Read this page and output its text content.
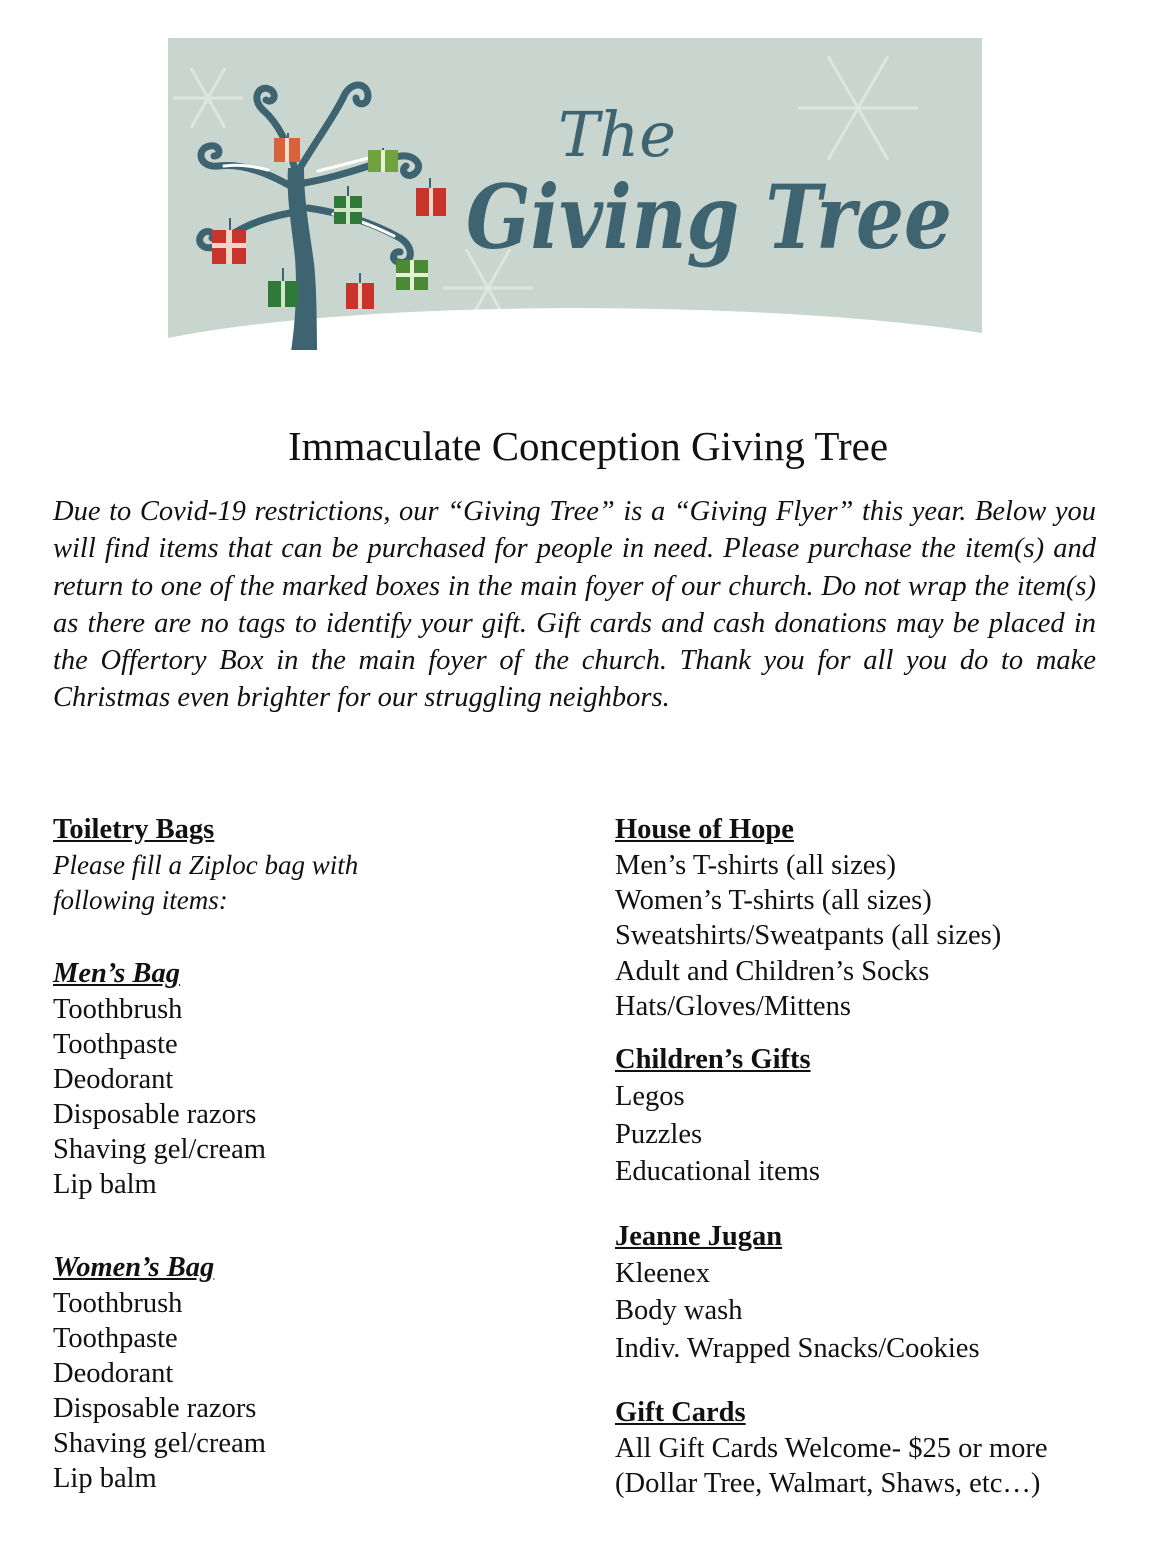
The
Giving Tree
Immaculate Conception Giving Tree

Due to Covid-19 restrictions, our “Giving Tree” is a “Giving Flyer” this year. Below you will find items that can be purchased for people in need. Please purchase the item(s) and return to one of the marked boxes in the main foyer of our church. Do not wrap the item(s) as there are no tags to identify your gift. Gift cards and cash donations may be placed in the Offertory Box in the main foyer of the church. Thank you for all you do to make Christmas even brighter for our struggling neighbors.

Toiletry Bags

Please fill a Ziploc bag with

following items:

Men’s Bag

Toothbrush
Toothpaste
Deodorant
Disposable razors
Shaving gel/cream
Lip balm

Women’s Bag

Toothbrush
Toothpaste
Deodorant
Disposable razors
Shaving gel/cream
Lip balm

House of Hope

Men’s T-shirts (all sizes)
Women’s T-shirts (all sizes)
Sweatshirts/Sweatpants (all sizes)
Adult and Children’s Socks
Hats/Gloves/Mittens

Children’s Gifts

Legos
Puzzles
Educational items

Jeanne Jugan

Kleenex
Body wash
Indiv. Wrapped Snacks/Cookies

Gift Cards

All Gift Cards Welcome- $25 or more
(Dollar Tree, Walmart, Shaws, etc…)
